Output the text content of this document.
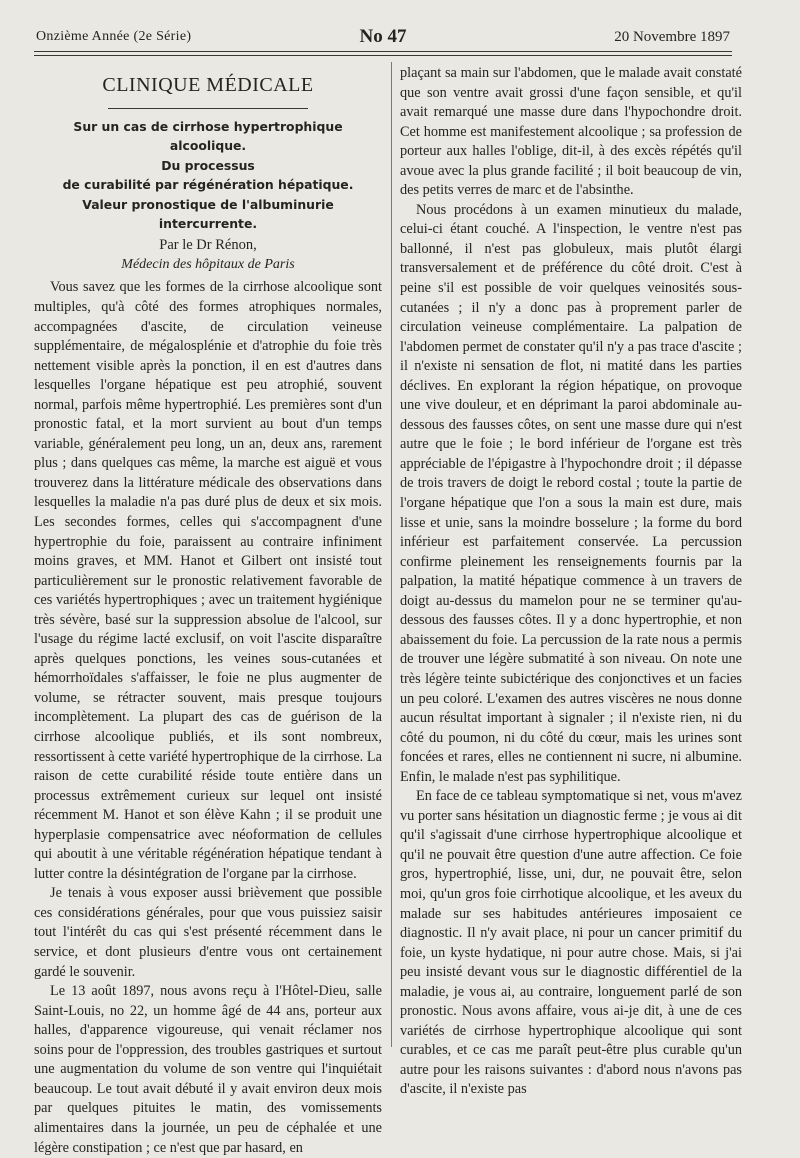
Onzième Année (2e Série)	No 47	20 Novembre 1897
CLINIQUE MÉDICALE
Sur un cas de cirrhose hypertrophique alcoolique.
Du processus
de curabilité par régénération hépatique.
Valeur pronostique de l'albuminurie intercurrente.
Par le Dr Rénon,
Médecin des hôpitaux de Paris

Vous savez que les formes de la cirrhose alcoolique sont multiples, qu'à côté des formes atrophiques normales, accompagnées d'ascite, de circulation veineuse supplémentaire, de mégalosplénie et d'atrophie du foie très nettement visible après la ponction, il en est d'autres dans lesquelles l'organe hépatique est peu atrophié, souvent normal, parfois même hypertrophié. Les premières sont d'un pronostic fatal, et la mort survient au bout d'un temps variable, généralement peu long, un an, deux ans, rarement plus ; dans quelques cas même, la marche est aiguë et vous trouverez dans la littérature médicale des observations dans lesquelles la maladie n'a pas duré plus de deux et six mois. Les secondes formes, celles qui s'accompagnent d'une hypertrophie du foie, paraissent au contraire infiniment moins graves, et MM. Hanot et Gilbert ont insisté tout particulièrement sur le pronostic relativement favorable de ces variétés hypertrophiques ; avec un traitement hygiénique très sévère, basé sur la suppression absolue de l'alcool, sur l'usage du régime lacté exclusif, on voit l'ascite disparaître après quelques ponctions, les veines sous-cutanées et hémorrhoïdales s'affaisser, le foie ne plus augmenter de volume, se rétracter souvent, mais presque toujours incomplètement. La plupart des cas de guérison de la cirrhose alcoolique publiés, et ils sont nombreux, ressortissent à cette variété hypertrophique de la cirrhose. La raison de cette curabilité réside toute entière dans un processus extrêmement curieux sur lequel ont insisté récemment M. Hanot et son élève Kahn ; il se produit une hyperplasie compensatrice avec néoformation de cellules qui aboutit à une véritable régénération hépatique tendant à lutter contre la désintégration de l'organe par la cirrhose.

Je tenais à vous exposer aussi brièvement que possible ces considérations générales, pour que vous puissiez saisir tout l'intérêt du cas qui s'est présenté récemment dans le service, et dont plusieurs d'entre vous ont certainement gardé le souvenir.

Le 13 août 1897, nous avons reçu à l'Hôtel-Dieu, salle Saint-Louis, no 22, un homme âgé de 44 ans, porteur aux halles, d'apparence vigoureuse, qui venait réclamer nos soins pour de l'oppression, des troubles gastriques et surtout une augmentation du volume de son ventre qui l'inquiétait beaucoup. Le tout avait débuté il y avait environ deux mois par quelques pituites le matin, des vomissements alimentaires dans la journée, un peu de céphalée et une légère constipation ; ce n'est que par hasard, en

plaçant sa main sur l'abdomen, que le malade avait constaté que son ventre avait grossi d'une façon sensible, et qu'il avait remarqué une masse dure dans l'hypochondre droit. Cet homme est manifestement alcoolique ; sa profession de porteur aux halles l'oblige, dit-il, à des excès répétés qu'il avoue avec la plus grande facilité ; il boit beaucoup de vin, des petits verres de marc et de l'absinthe.

Nous procédons à un examen minutieux du malade, celui-ci étant couché. A l'inspection, le ventre n'est pas ballonné, il n'est pas globuleux, mais plutôt élargi transversalement et de préférence du côté droit. C'est à peine s'il est possible de voir quelques veinosités sous-cutanées ; il n'y a donc pas à proprement parler de circulation veineuse complémentaire. La palpation de l'abdomen permet de constater qu'il n'y a pas trace d'ascite ; il n'existe ni sensation de flot, ni matité dans les parties déclives. En explorant la région hépatique, on provoque une vive douleur, et en déprimant la paroi abdominale au-dessous des fausses côtes, on sent une masse dure qui n'est autre que le foie ; le bord inférieur de l'organe est très appréciable de l'épigastre à l'hypochondre droit ; il dépasse de trois travers de doigt le rebord costal ; toute la partie de l'organe hépatique que l'on a sous la main est dure, mais lisse et unie, sans la moindre bosselure ; la forme du bord inférieur est parfaitement conservée. La percussion confirme pleinement les renseignements fournis par la palpation, la matité hépatique commence à un travers de doigt au-dessus du mamelon pour ne se terminer qu'au-dessous des fausses côtes. Il y a donc hypertrophie, et non abaissement du foie. La percussion de la rate nous a permis de trouver une légère submatité à son niveau. On note une très légère teinte subictérique des conjonctives et un facies un peu coloré. L'examen des autres viscères ne nous donne aucun résultat important à signaler ; il n'existe rien, ni du côté du poumon, ni du côté du cœur, mais les urines sont foncées et rares, elles ne contiennent ni sucre, ni albumine. Enfin, le malade n'est pas syphilitique.

En face de ce tableau symptomatique si net, vous m'avez vu porter sans hésitation un diagnostic ferme ; je vous ai dit qu'il s'agissait d'une cirrhose hypertrophique alcoolique et qu'il ne pouvait être question d'une autre affection. Ce foie gros, hypertrophié, lisse, uni, dur, ne pouvait être, selon moi, qu'un gros foie cirrhotique alcoolique, et les aveux du malade sur ses habitudes antérieures imposaient ce diagnostic. Il n'y avait place, ni pour un cancer primitif du foie, un kyste hydatique, ni pour autre chose. Mais, si j'ai peu insisté devant vous sur le diagnostic différentiel de la maladie, je vous ai, au contraire, longuement parlé de son pronostic. Nous avons affaire, vous ai-je dit, à une de ces variétés de cirrhose hypertrophique alcoolique qui sont curables, et ce cas me paraît peut-être plus curable qu'un autre pour les raisons suivantes : d'abord nous n'avons pas d'ascite, il n'existe pas
